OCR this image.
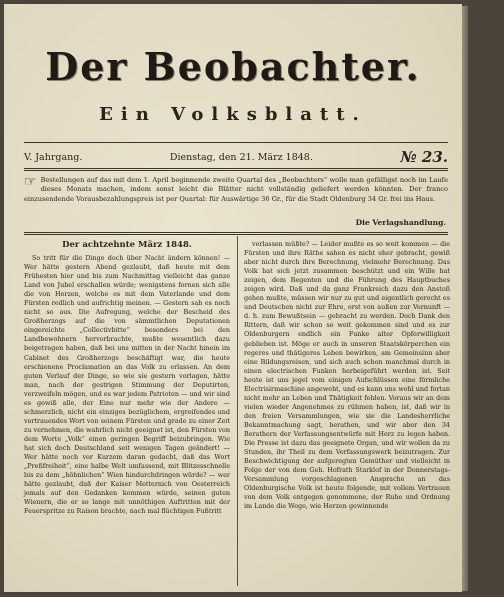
Der Beobachter.
Ein Volksblatt.
V. Jahrgang.	Dienstag, den 21. März 1848.	№ 23.
☞ Bestellungen auf das mit dem 1. April beginnende zweite Quartal des „Beobachters“ wolle man gefälligst noch im Laufe dieses Monats machen, indem sonst leicht die Blätter nicht vollständig geliefert werden könnten. Der franco einzusendende Vorausbezahlungspreis ist per Quartal: für Auswärtige 36 Gr., für die Stadt Oldenburg 34 Gr. frei ins Haus.
Die Verlagshandlung.
Der achtzehnte März 1848.

So tritt für die Dinge doch über Nacht ändern können! — Wer hätte gestern Abend gezlaubt, daß heute mit dem Frühesten hier und bis zum Nachmittag vielleicht das ganze Land von Jubel erschallen würde; wenigstens fornen sich alle die von Herzen, welche es mit dem Vaterlande und dem Fürsten redlich und aufrichtig meinen. — Gestern sah es noch nicht so aus. Die Aufregung, welche der Bescheid des Großherzogs auf die von sämmtlichen Deputationen eingereichte „Collectivbitte“ besonders bei den Landbewohnern hervorbrachte, mußte wesentlich dazu beigetragen haben, daß bei uns mitten in der Nacht hinein im Cabinet des Großherzogs beschäftigt war, die heute erschienene Proclamation an das Volk zu erlassen. An dem guten Verlauf der Dinge, so wie sie gestern vorlagen, hätte man, nach der gestrigen Stimmung der Deputirten, verzweifeln mögen, und es war jedem Patrioten — und wir sind es gewiß alle, der Eine nur mehr wie der Andere — schmerzlich, nicht ein einziges bezüglichem, ergreifendes und vertrauendes Wort von seinem Fürsten und grade zu einer Zeit zu vernehmen, die wahrlich nicht geeignet ist, den Fürsten von dem Worte „Volk“ einen geringen Begriff beizubringen. Wie hat sich doch Deutschland seit wenigen Tagen geändert! — Wer hätte noch vor Kurzem daran gedacht, daß das Wort „Preßfreiheit“, eine halbe Welt umfassend, mit Blitzesschnelle bis zu dem „höhnlichen“ Wien hindurchdringen würde? — wer hätte gezlaubt, daß der Kaiser Metternich von Oesterreich jemals auf den Gedanken kommen würde, seinen guten Wienern, die er so lange mit unnöthigen Auftritten mit der Feuerspritze zu Raison brachte, nach mal flüchtigen Fußtritt

verlassen müßte? — Leider mußte es so weit kommen — die Fürsten und ihre Räthe sahen es nicht eher gebracht, gewiß aber nicht durch ihre Berechnung, vielmehr Berechnung. Das Volk hat sich jetzt zusammen beschützt und ein Wille hat zeigen, dem Regenten und die Führung des Hauptbuches zeigen wird. Daß und da ganz Frankreich dazu den Anstoß gehen mußte, müssen wir nur zu gut und eigentlich gerecht es und Deutschen nicht zur Ehre, erst von außen zur Vernunft — d. h. zum Bewußtsein — gebracht zu werden. Doch Dank den Rittern, daß wir schon so weit gekommen sind und es zur Oldenburgern endlich ein Funke alter Opferwilligkeit geblieben ist. Möge er auch in unseren Staatskörperchen ein regeres und thätigeres Leben bewirken, am Gemeinsinn aber eine Bildungsreisen, und sich auch schon manchmal durch in einen electrischen Funken herbeigeführt werden ist. Seit heute ist uns jegel vom einigen Aufschlüssen eine förmliche Electrisirmaschine angeweht, und es kann uns wohl und fortan nicht mehr an Leben und Thätigkeit fehlen. Voraus wir an dem vielen wieder Angenehmes zu rühmen haben, ist, daß wir in den freien Versammlungen, wie sie die Landesherrliche Bekanntmachung sagt, berathen, und wir aber den 34 Berathern der Verfassungsentwürfe mit Herz zu legen haben. Die Presse ist dazu das geeignete Organ, und wir wollen da zu Stunden, ihr Theil zu dem Verfassungswerk beizutragen. Zur Beschwichtigung der aufgeregten Gemüther und vielleicht in Folge der von dem Geh. Hofrath Starklof in der Donnerstags-Versammlung vorgeschlagenen Ansprache an das Oldenburgische Volk ist heute folgende, mit vollem Vertrauen von dem Volk entgegen genommene, der Ruhe und Ordnung im Lande die Wege, wie Herzen gewinnende
